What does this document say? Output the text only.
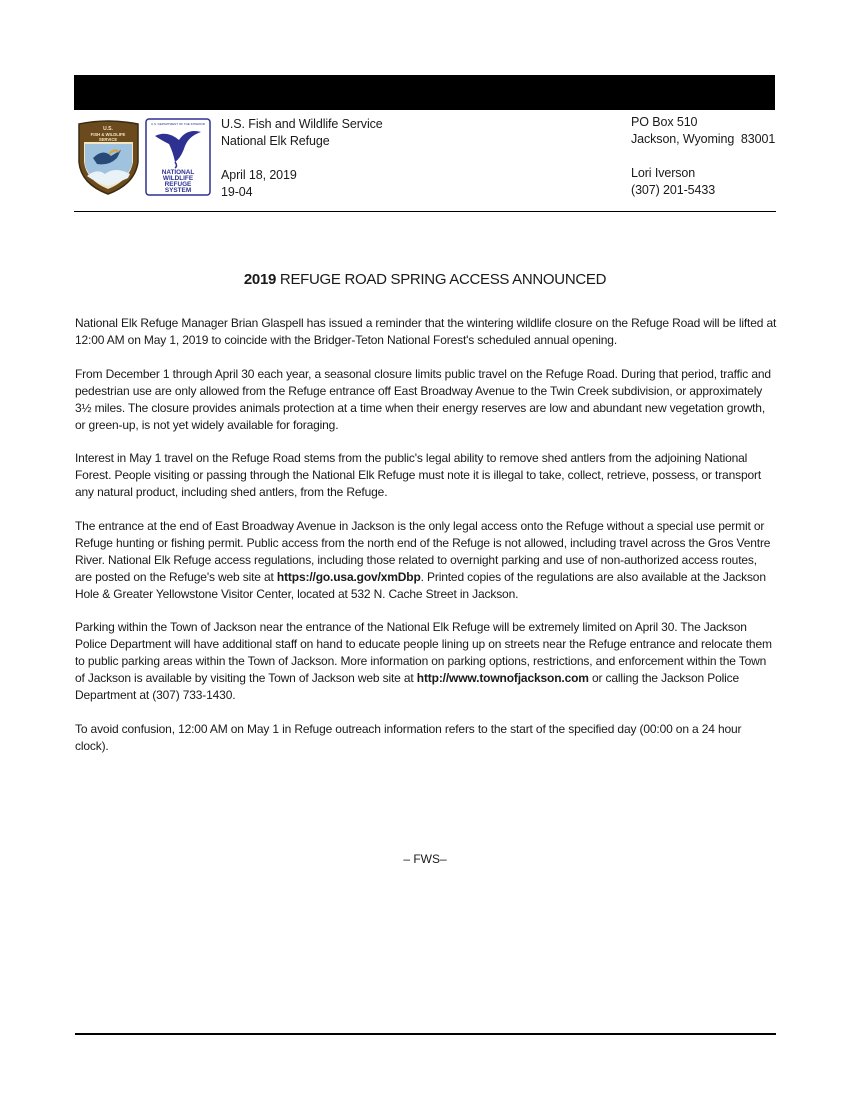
U.S.
FISH & WILDLIFE
SERVICE
U.S. DEPARTMENT OF THE INTERIOR
NATIONAL
WILDLIFE
REFUGE
SYSTEM
U.S. Fish and Wildlife Service
National Elk Refuge
April 18, 2019
19-04
PO Box 510
Jackson, Wyoming  83001
Lori Iverson
(307) 201-5433
2019 REFUGE ROAD SPRING ACCESS ANNOUNCED

National Elk Refuge Manager Brian Glaspell has issued a reminder that the wintering wildlife closure on the Refuge Road will be lifted at 12:00 AM on May 1, 2019 to coincide with the Bridger-Teton National Forest's scheduled annual opening.

From December 1 through April 30 each year, a seasonal closure limits public travel on the Refuge Road. During that period, traffic and pedestrian use are only allowed from the Refuge entrance off East Broadway Avenue to the Twin Creek subdivision, or approximately 3½ miles. The closure provides animals protection at a time when their energy reserves are low and abundant new vegetation growth, or green-up, is not yet widely available for foraging.

Interest in May 1 travel on the Refuge Road stems from the public's legal ability to remove shed antlers from the adjoining National Forest. People visiting or passing through the National Elk Refuge must note it is illegal to take, collect, retrieve, possess, or transport any natural product, including shed antlers, from the Refuge.

The entrance at the end of East Broadway Avenue in Jackson is the only legal access onto the Refuge without a special use permit or Refuge hunting or fishing permit. Public access from the north end of the Refuge is not allowed, including travel across the Gros Ventre River. National Elk Refuge access regulations, including those related to overnight parking and use of non-authorized access routes, are posted on the Refuge's web site at https://go.usa.gov/xmDbp. Printed copies of the regulations are also available at the Jackson Hole & Greater Yellowstone Visitor Center, located at 532 N. Cache Street in Jackson.

Parking within the Town of Jackson near the entrance of the National Elk Refuge will be extremely limited on April 30. The Jackson Police Department will have additional staff on hand to educate people lining up on streets near the Refuge entrance and relocate them to public parking areas within the Town of Jackson. More information on parking options, restrictions, and enforcement within the Town of Jackson is available by visiting the Town of Jackson web site at http://www.townofjackson.com or calling the Jackson Police Department at (307) 733-1430.

To avoid confusion, 12:00 AM on May 1 in Refuge outreach information refers to the start of the specified day (00:00 on a 24 hour clock).

– FWS–
